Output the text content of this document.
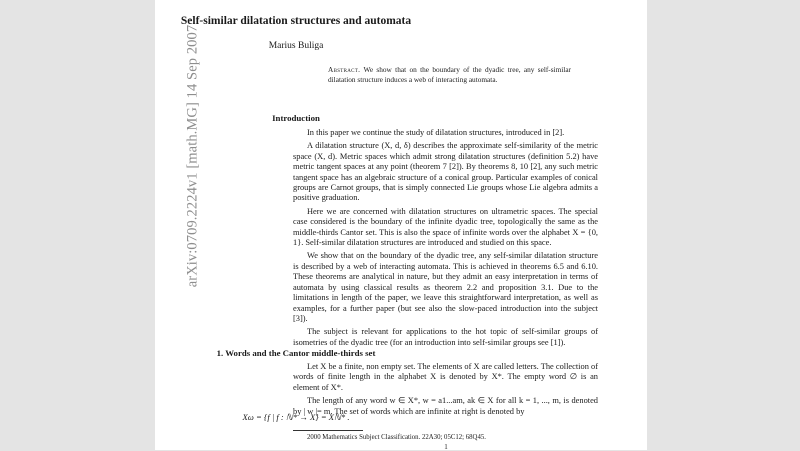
arXiv:0709.2224v1 [math.MG] 14 Sep 2007
Self-similar dilatation structures and automata
Marius Buliga
Abstract. We show that on the boundary of the dyadic tree, any self-similar dilatation structure induces a web of interacting automata.
Introduction

In this paper we continue the study of dilatation structures, introduced in [2].

A dilatation structure (X, d, δ) describes the approximate self-similarity of the metric space (X, d). Metric spaces which admit strong dilatation structures (definition 5.2) have metric tangent spaces at any point (theorem 7 [2]). By theorems 8, 10 [2], any such metric tangent space has an algebraic structure of a conical group. Particular examples of conical groups are Carnot groups, that is simply connected Lie groups whose Lie algebra admits a positive graduation.

Here we are concerned with dilatation structures on ultrametric spaces. The special case considered is the boundary of the infinite dyadic tree, topologically the same as the middle-thirds Cantor set. This is also the space of infinite words over the alphabet X = {0, 1}. Self-similar dilatation structures are introduced and studied on this space.

We show that on the boundary of the dyadic tree, any self-similar dilatation structure is described by a web of interacting automata. This is achieved in theorems 6.5 and 6.10. These theorems are analytical in nature, but they admit an easy interpretation in terms of automata by using classical results as theorem 2.2 and proposition 3.1. Due to the limitations in length of the paper, we leave this straightforward interpretation, as well as examples, for a further paper (but see also the slow-paced introduction into the subject [3]).

The subject is relevant for applications to the hot topic of self-similar groups of isometries of the dyadic tree (for an introduction into self-similar groups see [1]).

1. Words and the Cantor middle-thirds set

Let X be a finite, non empty set. The elements of X are called letters. The collection of words of finite length in the alphabet X is denoted by X*. The empty word ∅ is an element of X*.

The length of any word w ∈ X*, w = a1...am, ak ∈ X for all k = 1, ..., m, is denoted by | w |= m. The set of words which are infinite at right is denoted by

Xω = {f | f : ℕ* → X} = Xℕ* .
2000 Mathematics Subject Classification. 22A30; 05C12; 68Q45.
1
